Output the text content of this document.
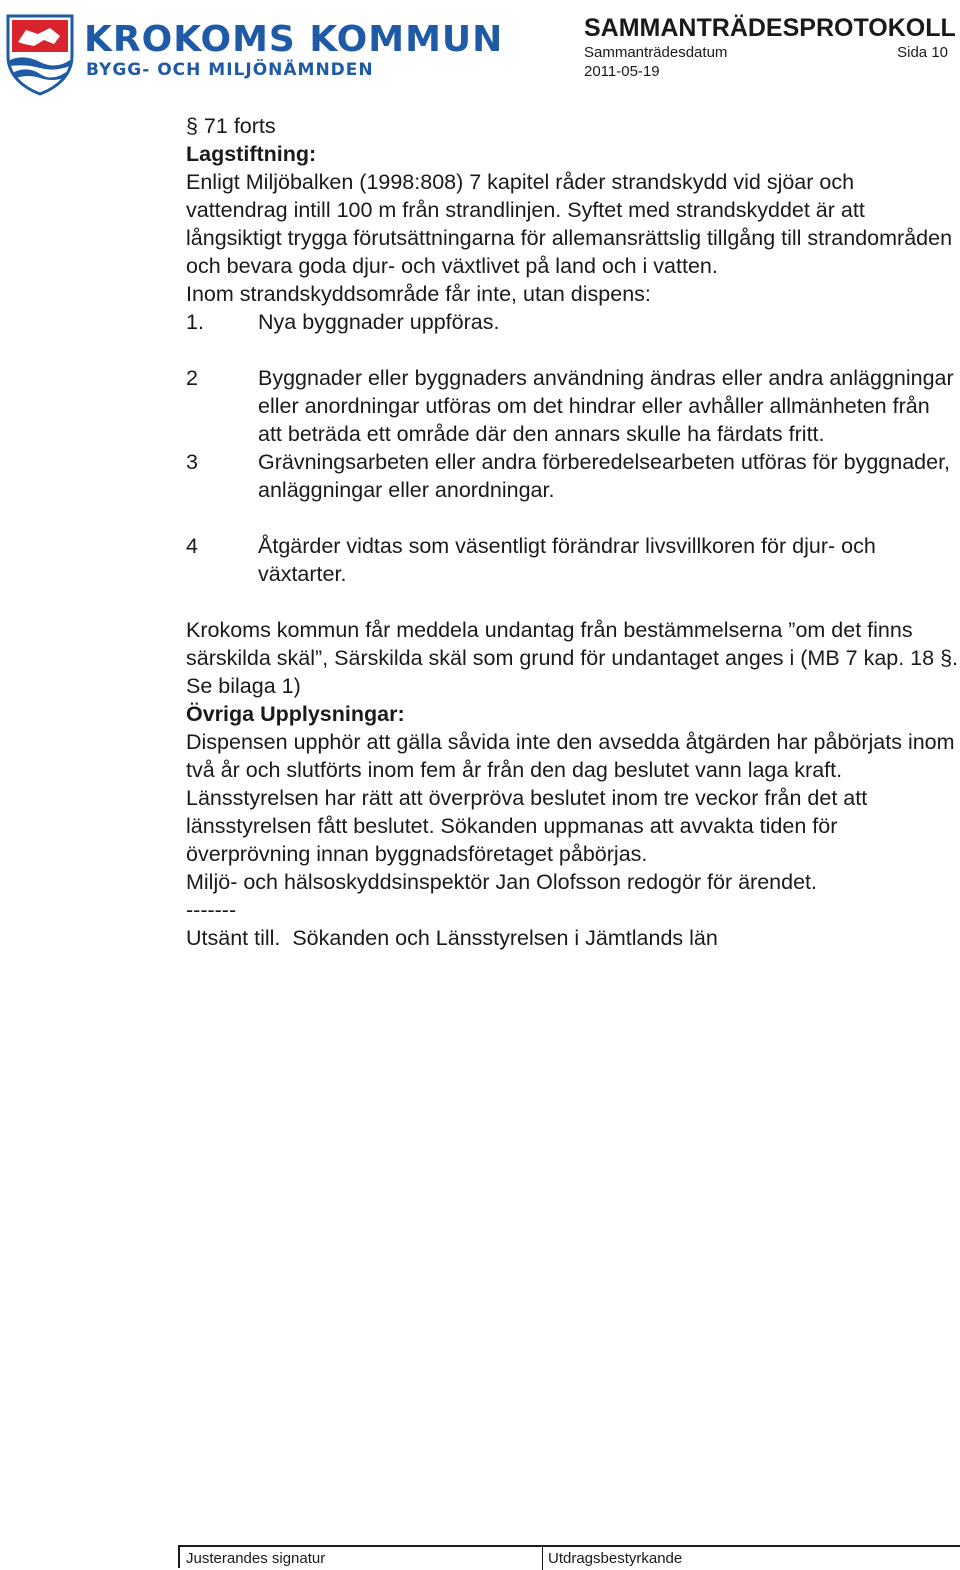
KROKOMS KOMMUN
BYGG- OCH MILJÖNÄMNDEN
SAMMANTRÄDESPROTOKOLL
Sammanträdesdatum	Sida 10
2011-05-19

§ 71 forts

Lagstiftning:

Enligt Miljöbalken (1998:808) 7 kapitel råder strandskydd vid sjöar och vattendrag intill 100 m från strandlinjen. Syftet med strandskyddet är att långsiktigt trygga förutsättningarna för allemansrättslig tillgång till strandområden och bevara goda djur- och växtlivet på land och i vatten.

Inom strandskyddsområde får inte, utan dispens:

1.	Nya byggnader uppföras.
2	Byggnader eller byggnaders användning ändras eller andra anläggningar eller anordningar utföras om det hindrar eller avhåller allmänheten från att beträda ett område där den annars skulle ha färdats fritt.
3	Grävningsarbeten eller andra förberedelsearbeten utföras för byggnader, anläggningar eller anordningar.
4	Åtgärder vidtas som väsentligt förändrar livsvillkoren för djur- och växtarter.

Krokoms kommun får meddela undantag från bestämmelserna ”om det finns särskilda skäl”, Särskilda skäl som grund för undantaget anges i (MB 7 kap. 18 §. Se bilaga 1)

Övriga Upplysningar:

Dispensen upphör att gälla såvida inte den avsedda åtgärden har påbörjats inom två år och slutförts inom fem år från den dag beslutet vann laga kraft. Länsstyrelsen har rätt att överpröva beslutet inom tre veckor från det att länsstyrelsen fått beslutet. Sökanden uppmanas att avvakta tiden för överprövning innan byggnadsföretaget påbörjas.

Miljö- och hälsoskyddsinspektör Jan Olofsson redogör för ärendet.

-------

Utsänt till.  Sökanden och Länsstyrelsen i Jämtlands län

Justerandes signatur	Utdragsbestyrkande
